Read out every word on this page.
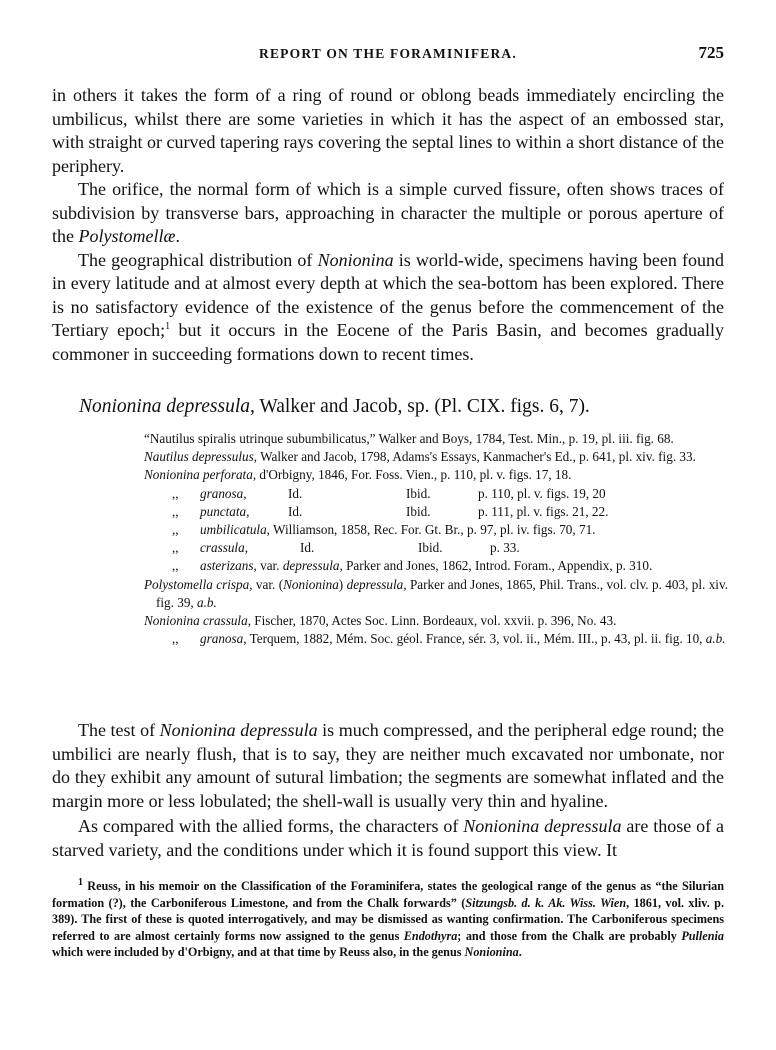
REPORT ON THE FORAMINIFERA.	725

in others it takes the form of a ring of round or oblong beads immediately encircling the umbilicus, whilst there are some varieties in which it has the aspect of an embossed star, with straight or curved tapering rays covering the septal lines to within a short distance of the periphery.

The orifice, the normal form of which is a simple curved fissure, often shows traces of subdivision by transverse bars, approaching in character the multiple or porous aperture of the Polystomellæ.

The geographical distribution of Nonionina is world-wide, specimens having been found in every latitude and at almost every depth at which the sea-bottom has been explored. There is no satisfactory evidence of the existence of the genus before the commencement of the Tertiary epoch;$^1$ but it occurs in the Eocene of the Paris Basin, and becomes gradually commoner in succeeding formations down to recent times.

Nonionina depressula, Walker and Jacob, sp. (Pl. CIX. figs. 6, 7).
“Nautilus spiralis utrinque subumbilicatus,” Walker and Boys, 1784, Test. Min., p. 19, pl. iii. fig. 68.
Nautilus depressulus, Walker and Jacob, 1798, Adams's Essays, Kanmacher's Ed., p. 641, pl. xiv. fig. 33.
Nonionina perforata, d'Orbigny, 1846, For. Foss. Vien., p. 110, pl. v. figs. 17, 18.
,, granosa,	Id.	Ibid.	p. 110, pl. v. figs. 19, 20
,, punctata,	Id.	Ibid.	p. 111, pl. v. figs. 21, 22.
,, umbilicatula, Williamson, 1858, Rec. For. Gt. Br., p. 97, pl. iv. figs. 70, 71.
,, crassula,	Id.	Ibid.	p. 33.
,, asterizans, var. depressula, Parker and Jones, 1862, Introd. Foram., Appendix, p. 310.
Polystomella crispa, var. (Nonionina) depressula, Parker and Jones, 1865, Phil. Trans., vol. clv. p. 403, pl. xiv. fig. 39, a.b.
Nonionina crassula, Fischer, 1870, Actes Soc. Linn. Bordeaux, vol. xxvii. p. 396, No. 43.
,, granosa, Terquem, 1882, Mém. Soc. géol. France, sér. 3, vol. ii., Mém. III., p. 43, pl. ii. fig. 10, a.b.

The test of Nonionina depressula is much compressed, and the peripheral edge round; the umbilici are nearly flush, that is to say, they are neither much excavated nor umbonate, nor do they exhibit any amount of sutural limbation; the segments are somewhat inflated and the margin more or less lobulated; the shell-wall is usually very thin and hyaline.

As compared with the allied forms, the characters of Nonionina depressula are those of a starved variety, and the conditions under which it is found support this view. It

$^1$ Reuss, in his memoir on the Classification of the Foraminifera, states the geological range of the genus as “the Silurian formation (?), the Carboniferous Limestone, and from the Chalk forwards” (Sitzungsb. d. k. Ak. Wiss. Wien, 1861, vol. xliv. p. 389). The first of these is quoted interrogatively, and may be dismissed as wanting confirmation. The Carboniferous specimens referred to are almost certainly forms now assigned to the genus Endothyra; and those from the Chalk are probably Pullenia which were included by d'Orbigny, and at that time by Reuss also, in the genus Nonionina.
